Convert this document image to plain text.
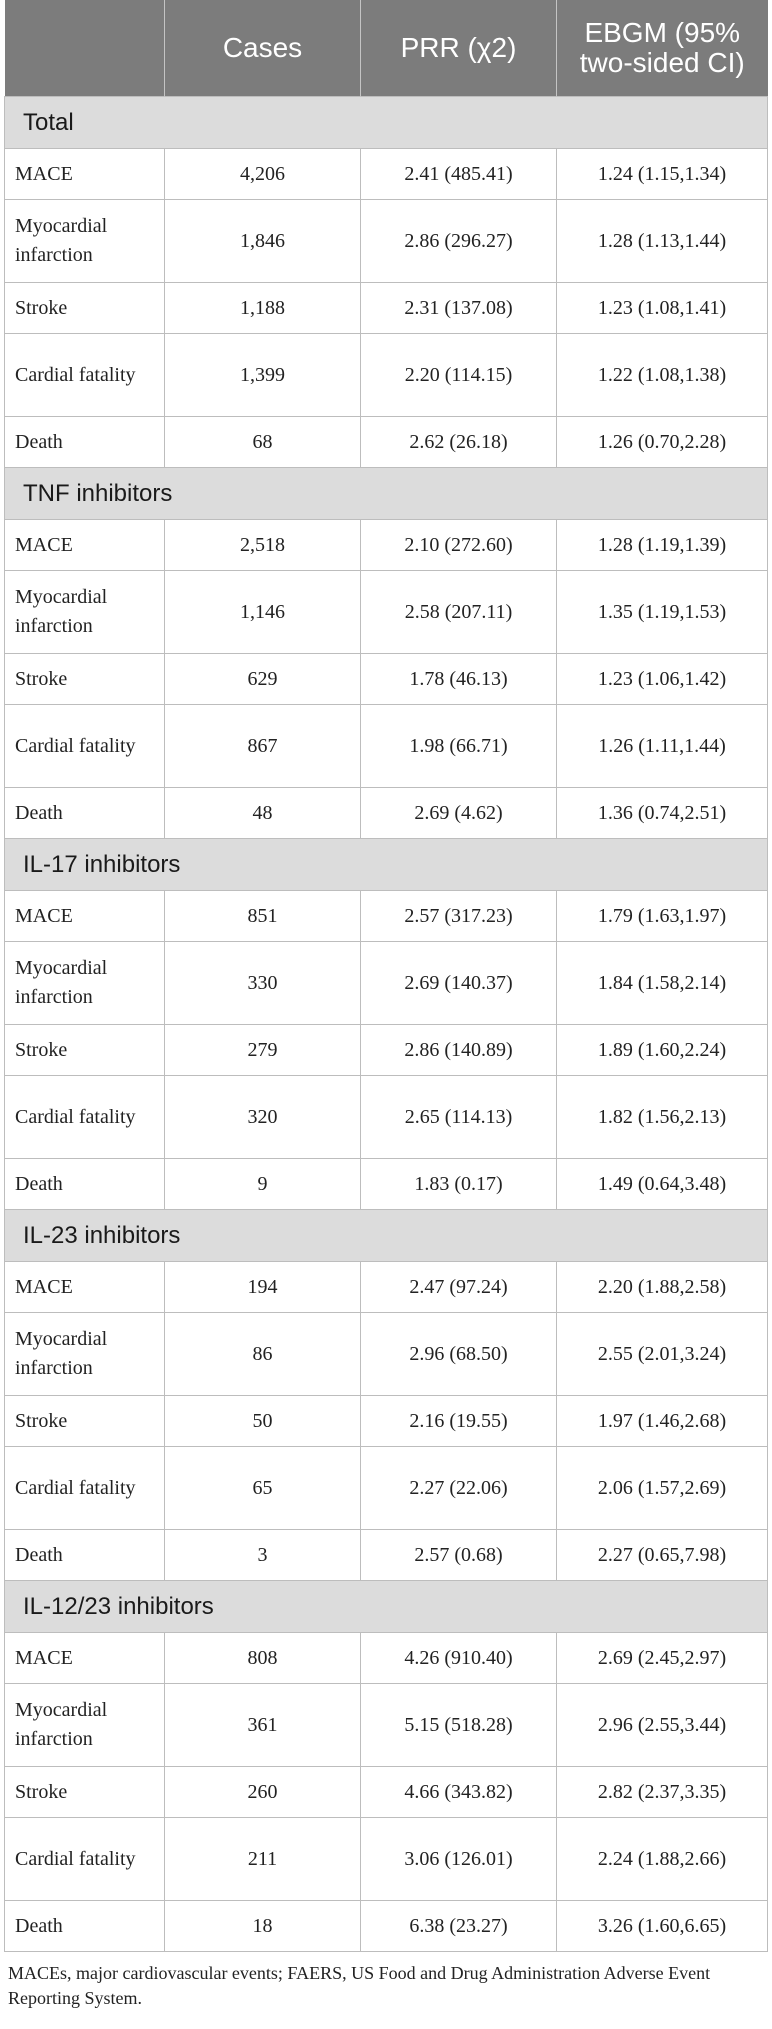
	Cases	PRR (χ2)	EBGM (95% two-sided CI)
Total			
MACE	4,206	2.41 (485.41)	1.24 (1.15,1.34)
Myocardial infarction	1,846	2.86 (296.27)	1.28 (1.13,1.44)
Stroke	1,188	2.31 (137.08)	1.23 (1.08,1.41)
Cardial fatality	1,399	2.20 (114.15)	1.22 (1.08,1.38)
Death	68	2.62 (26.18)	1.26 (0.70,2.28)
TNF inhibitors			
MACE	2,518	2.10 (272.60)	1.28 (1.19,1.39)
Myocardial infarction	1,146	2.58 (207.11)	1.35 (1.19,1.53)
Stroke	629	1.78 (46.13)	1.23 (1.06,1.42)
Cardial fatality	867	1.98 (66.71)	1.26 (1.11,1.44)
Death	48	2.69 (4.62)	1.36 (0.74,2.51)
IL-17 inhibitors			
MACE	851	2.57 (317.23)	1.79 (1.63,1.97)
Myocardial infarction	330	2.69 (140.37)	1.84 (1.58,2.14)
Stroke	279	2.86 (140.89)	1.89 (1.60,2.24)
Cardial fatality	320	2.65 (114.13)	1.82 (1.56,2.13)
Death	9	1.83 (0.17)	1.49 (0.64,3.48)
IL-23 inhibitors			
MACE	194	2.47 (97.24)	2.20 (1.88,2.58)
Myocardial infarction	86	2.96 (68.50)	2.55 (2.01,3.24)
Stroke	50	2.16 (19.55)	1.97 (1.46,2.68)
Cardial fatality	65	2.27 (22.06)	2.06 (1.57,2.69)
Death	3	2.57 (0.68)	2.27 (0.65,7.98)
IL-12/23 inhibitors			
MACE	808	4.26 (910.40)	2.69 (2.45,2.97)
Myocardial infarction	361	5.15 (518.28)	2.96 (2.55,3.44)
Stroke	260	4.66 (343.82)	2.82 (2.37,3.35)
Cardial fatality	211	3.06 (126.01)	2.24 (1.88,2.66)
Death	18	6.38 (23.27)	3.26 (1.60,6.65)
MACEs, major cardiovascular events; FAERS, US Food and Drug Administration Adverse Event Reporting System.
